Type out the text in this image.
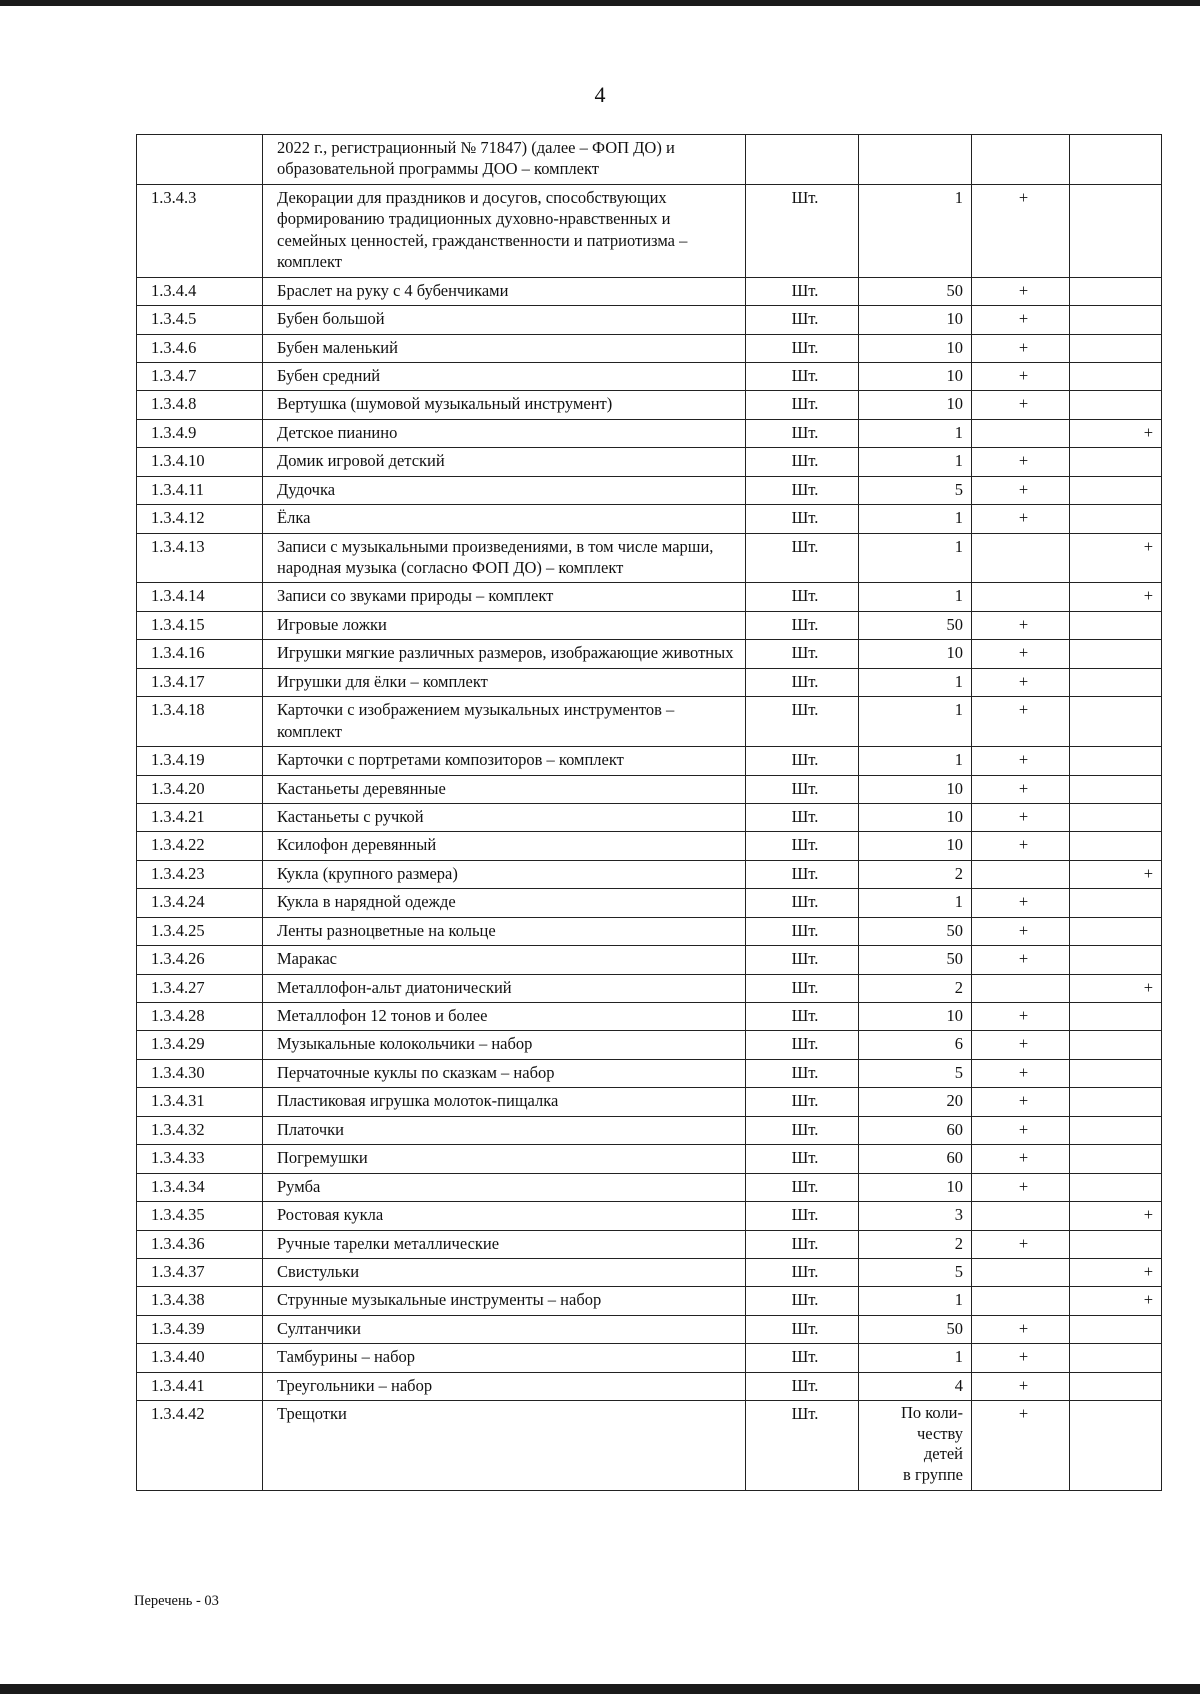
4
	2022 г., регистрационный № 71847) (далее – ФОП ДО) и образовательной программы ДОО – комплект				
1.3.4.3	Декорации для праздников и досугов, способствующих формированию традиционных духовно-нравственных и семейных ценностей, гражданственности и патриотизма – комплект	Шт.	1	+	
1.3.4.4	Браслет на руку с 4 бубенчиками	Шт.	50	+	
1.3.4.5	Бубен большой	Шт.	10	+	
1.3.4.6	Бубен маленький	Шт.	10	+	
1.3.4.7	Бубен средний	Шт.	10	+	
1.3.4.8	Вертушка (шумовой музыкальный инструмент)	Шт.	10	+	
1.3.4.9	Детское пианино	Шт.	1		+
1.3.4.10	Домик игровой детский	Шт.	1	+	
1.3.4.11	Дудочка	Шт.	5	+	
1.3.4.12	Ёлка	Шт.	1	+	
1.3.4.13	Записи с музыкальными произведениями, в том числе марши, народная музыка (согласно ФОП ДО) – комплект	Шт.	1		+
1.3.4.14	Записи со звуками природы – комплект	Шт.	1		+
1.3.4.15	Игровые ложки	Шт.	50	+	
1.3.4.16	Игрушки мягкие различных размеров, изображающие животных	Шт.	10	+	
1.3.4.17	Игрушки для ёлки – комплект	Шт.	1	+	
1.3.4.18	Карточки с изображением музыкальных инструментов – комплект	Шт.	1	+	
1.3.4.19	Карточки с портретами композиторов – комплект	Шт.	1	+	
1.3.4.20	Кастаньеты деревянные	Шт.	10	+	
1.3.4.21	Кастаньеты с ручкой	Шт.	10	+	
1.3.4.22	Ксилофон деревянный	Шт.	10	+	
1.3.4.23	Кукла (крупного размера)	Шт.	2		+
1.3.4.24	Кукла в нарядной одежде	Шт.	1	+	
1.3.4.25	Ленты разноцветные на кольце	Шт.	50	+	
1.3.4.26	Маракас	Шт.	50	+	
1.3.4.27	Металлофон-альт диатонический	Шт.	2		+
1.3.4.28	Металлофон 12 тонов и более	Шт.	10	+	
1.3.4.29	Музыкальные колокольчики – набор	Шт.	6	+	
1.3.4.30	Перчаточные куклы по сказкам – набор	Шт.	5	+	
1.3.4.31	Пластиковая игрушка молоток-пищалка	Шт.	20	+	
1.3.4.32	Платочки	Шт.	60	+	
1.3.4.33	Погремушки	Шт.	60	+	
1.3.4.34	Румба	Шт.	10	+	
1.3.4.35	Ростовая кукла	Шт.	3		+
1.3.4.36	Ручные тарелки металлические	Шт.	2	+	
1.3.4.37	Свистульки	Шт.	5		+
1.3.4.38	Струнные музыкальные инструменты – набор	Шт.	1		+
1.3.4.39	Султанчики	Шт.	50	+	
1.3.4.40	Тамбурины – набор	Шт.	1	+	
1.3.4.41	Треугольники – набор	Шт.	4	+	
1.3.4.42	Трещотки	Шт.	По коли-
честву
детей
в группе	+	
Перечень - 03
